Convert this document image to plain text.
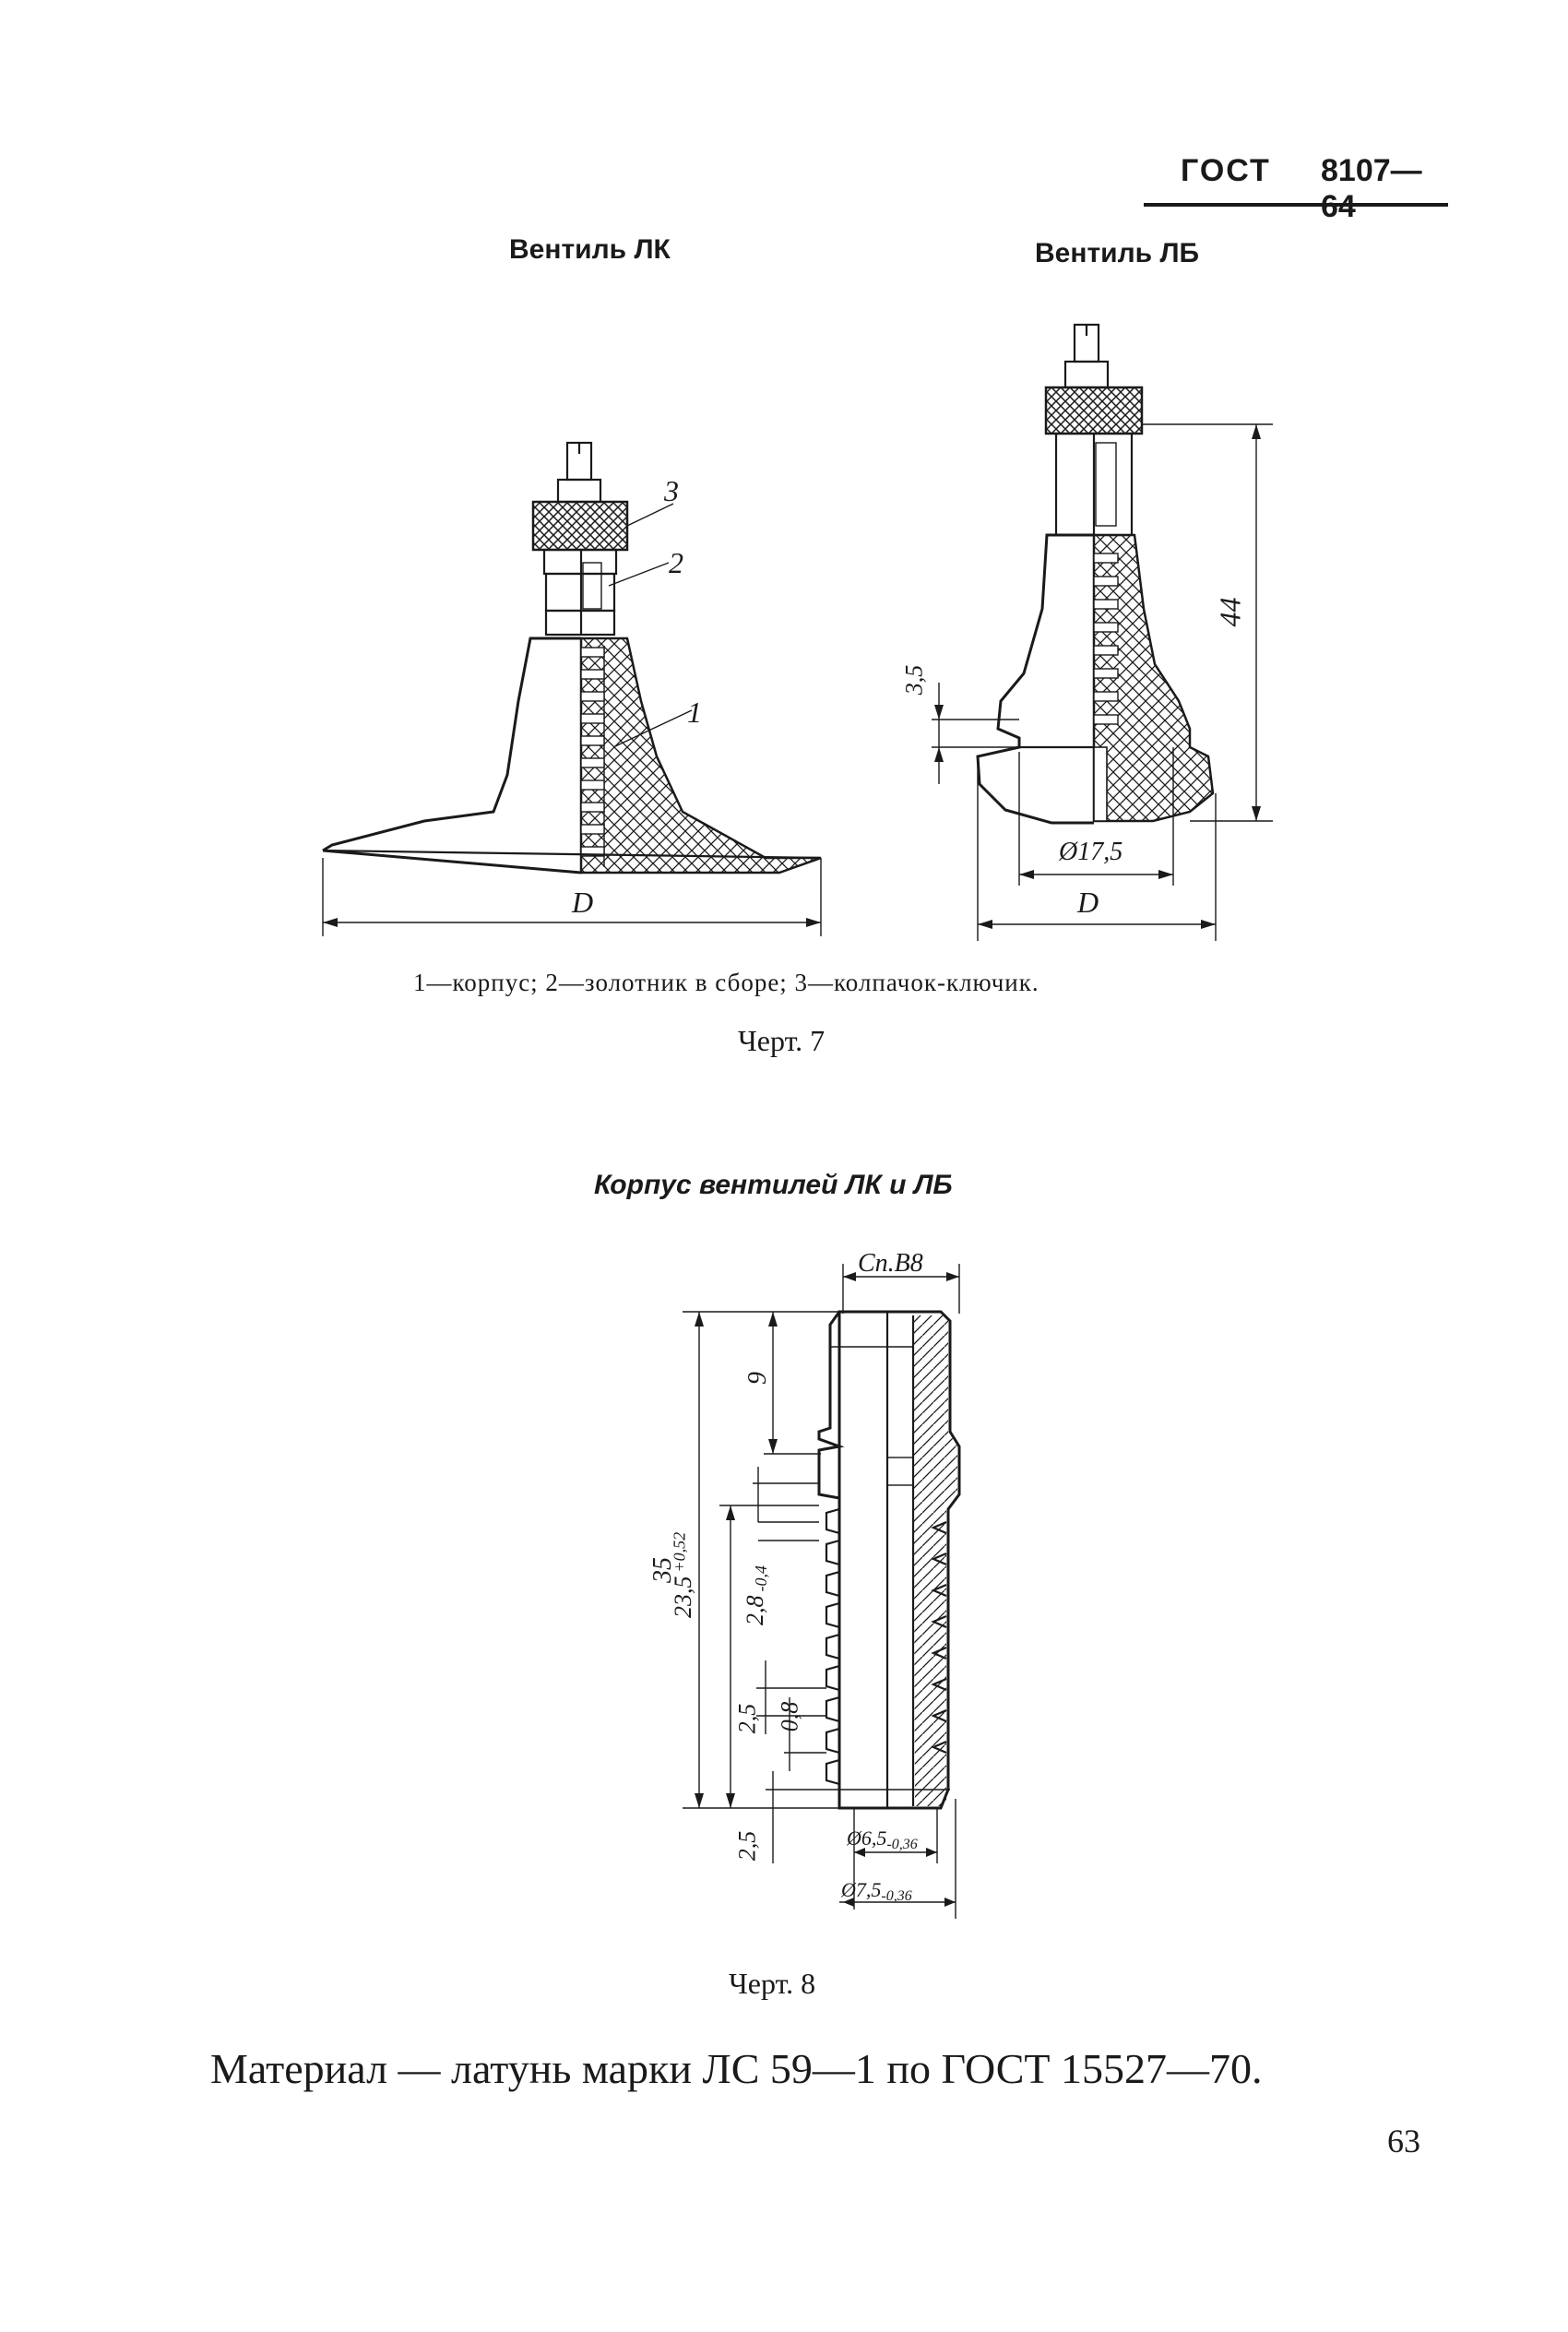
ГОСТ 8107—64
Вентиль ЛК	Вентиль ЛБ
3
2
1
D
44
3,5
Ø17,5
D
1—корпус; 2—золотник в сборе; 3—колпачок-ключик.
Черт. 7
Корпус вентилей ЛК и ЛБ
Сп.В8
9
35
23,5 +0,52
2,8 -0,4
2,5 0,8
2,5	Ø6,5-0,36
Ø7,5-0,36
Черт. 8
Материал — латунь марки ЛС 59—1 по ГОСТ 15527—70.
63
